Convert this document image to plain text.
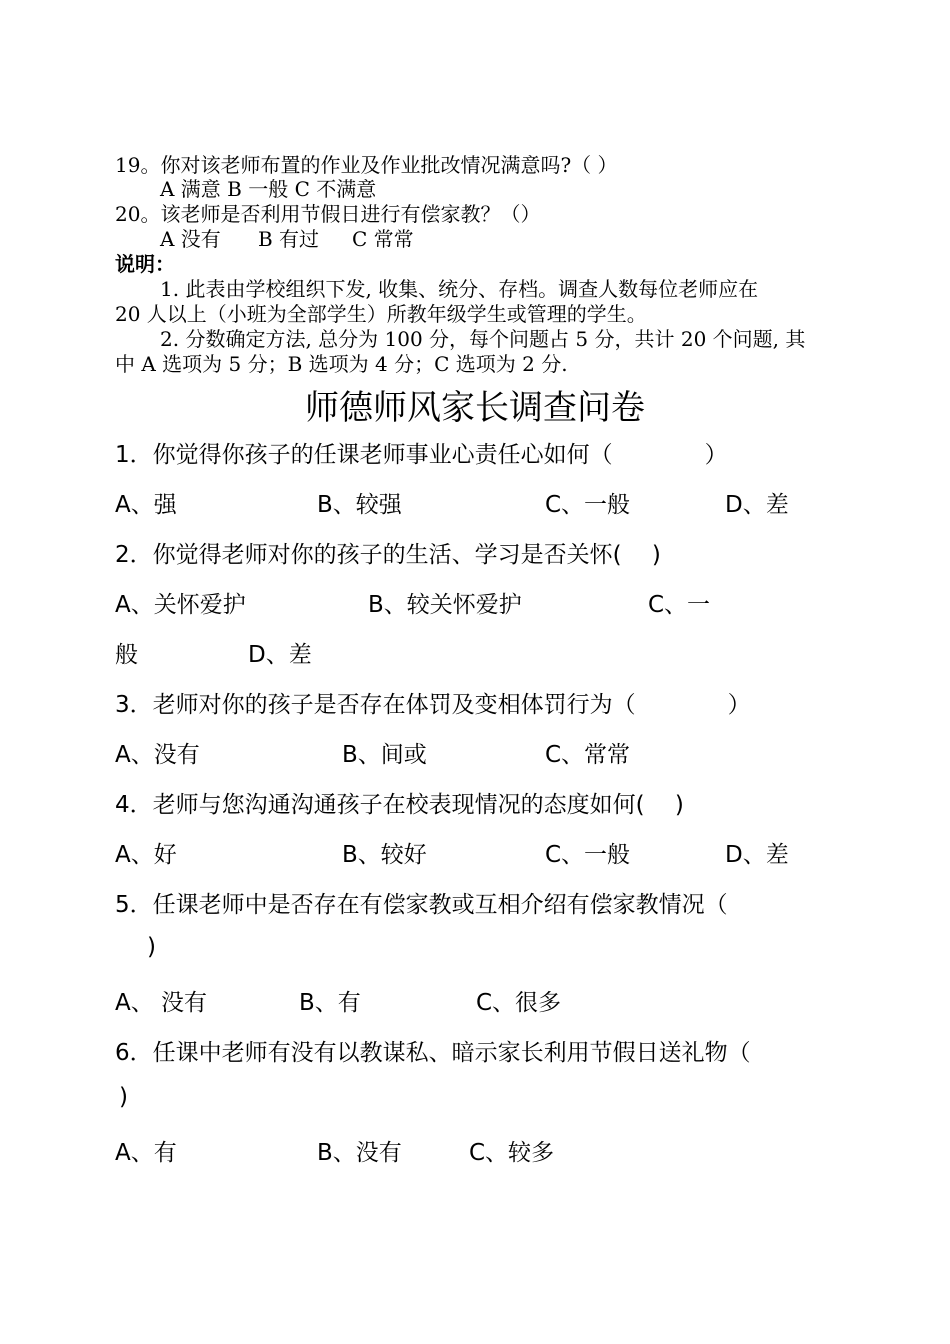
19。你对该老师布置的作业及作业批改情况满意吗?（ ）
A 满意 B 一般 C 不满意
20。该老师是否利用节假日进行有偿家教？（）
A 没有 B 有过 C 常常
说明：
1. 此表由学校组织下发, 收集、统分、存档。调查人数每位老师应在
20 人以上（小班为全部学生）所教年级学生或管理的学生。
2. 分数确定方法, 总分为 100 分，每个问题占 5 分，共计 20 个问题, 其
中 A 选项为 5 分；B 选项为 4 分；C 选项为 2 分.
师德师风家长调查问卷
1．你觉得你孩子的任课老师事业心责任心如何（　　　　）
A、强	B、较强	C、一般	D、差
2．你觉得老师对你的孩子的生活、学习是否关怀(　 )
A、关怀爱护	B、较关怀爱护	C、一
般	D、差
3．老师对你的孩子是否存在体罚及变相体罚行为（　　　　）
A、没有	B、间或	C、常常
4．老师与您沟通沟通孩子在校表现情况的态度如何(　 )
A、好	B、较好	C、一般	D、差
5．任课老师中是否存在有偿家教或互相介绍有偿家教情况（
)
A、 没有	B、有	C、很多
6．任课中老师有没有以教谋私、暗示家长利用节假日送礼物（
)
A、有	B、没有	C、较多
